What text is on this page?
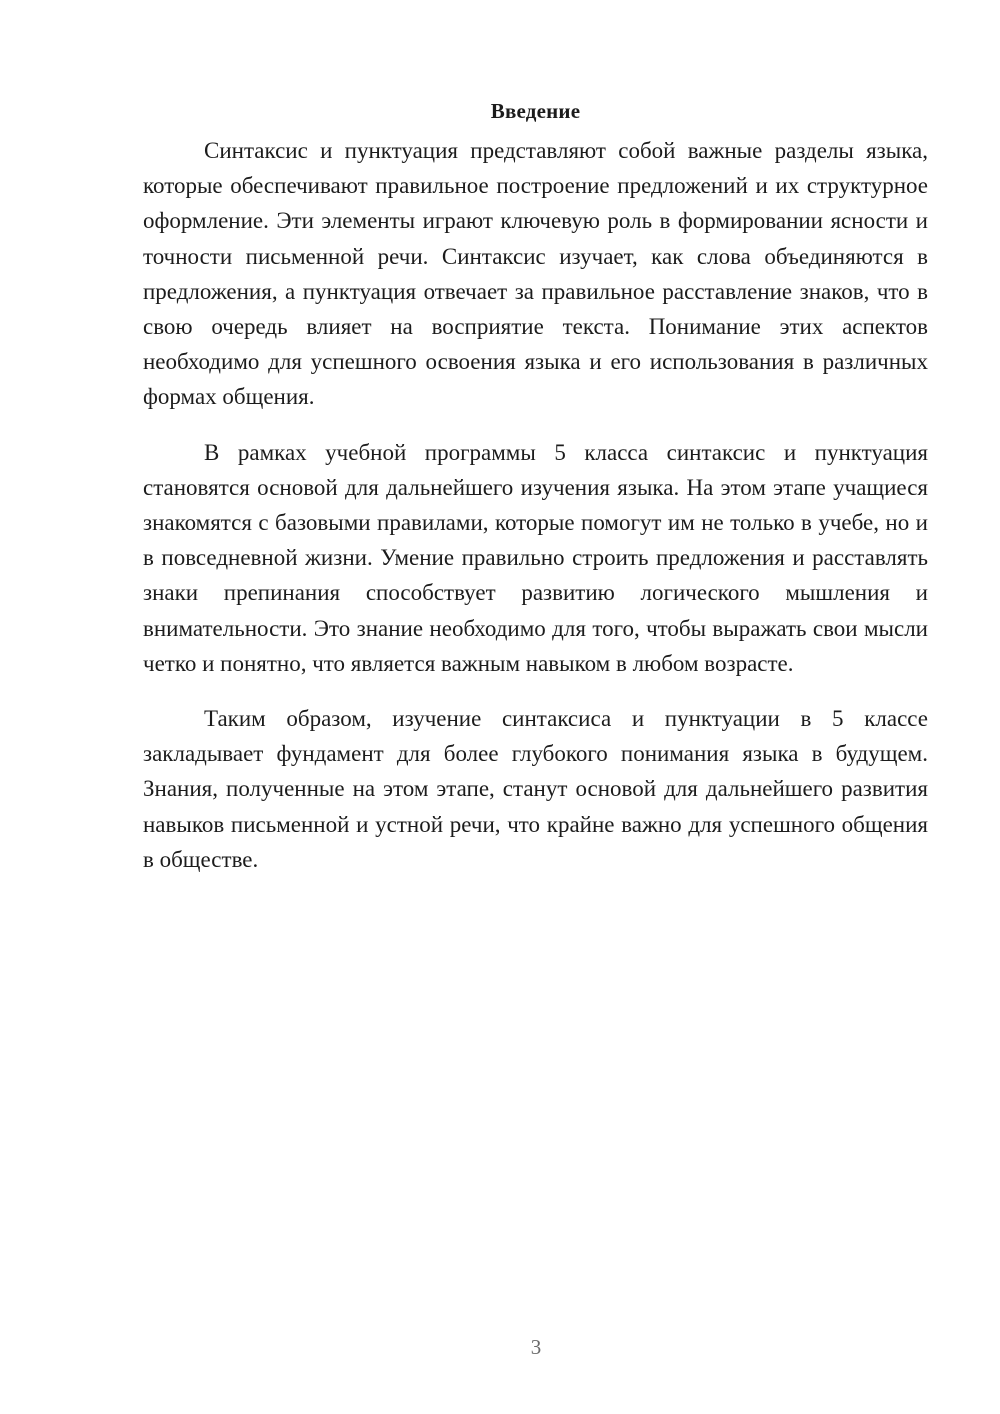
Введение

Синтаксис и пунктуация представляют собой важные разделы языка, которые обеспечивают правильное построение предложений и их структурное оформление. Эти элементы играют ключевую роль в формировании ясности и точности письменной речи. Синтаксис изучает, как слова объединяются в предложения, а пунктуация отвечает за правильное расставление знаков, что в свою очередь влияет на восприятие текста. Понимание этих аспектов необходимо для успешного освоения языка и его использования в различных формах общения.

В рамках учебной программы 5 класса синтаксис и пунктуация становятся основой для дальнейшего изучения языка. На этом этапе учащиеся знакомятся с базовыми правилами, которые помогут им не только в учебе, но и в повседневной жизни. Умение правильно строить предложения и расставлять знаки препинания способствует развитию логического мышления и внимательности. Это знание необходимо для того, чтобы выражать свои мысли четко и понятно, что является важным навыком в любом возрасте.

Таким образом, изучение синтаксиса и пунктуации в 5 классе закладывает фундамент для более глубокого понимания языка в будущем. Знания, полученные на этом этапе, станут основой для дальнейшего развития навыков письменной и устной речи, что крайне важно для успешного общения в обществе.

3
